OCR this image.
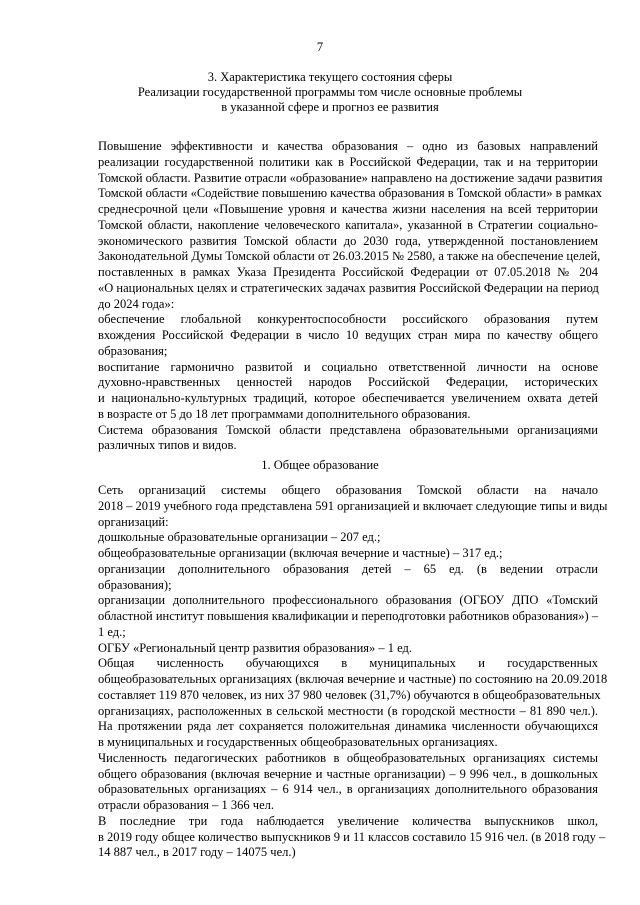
7
3. Характеристика текущего состояния сферы
Реализации государственной программы том числе основные проблемы
в указанной сфере и прогноз ее развития

Повышение эффективности и качества образования – одно из базовых направлений
реализации государственной политики как в Российской Федерации, так и на территории
Томской области. Развитие отрасли «образование» направлено на достижение задачи развития
Томской области «Содействие повышению качества образования в Томской области» в рамках
среднесрочной цели «Повышение уровня и качества жизни населения на всей территории
Томской области, накопление человеческого капитала», указанной в Стратегии социально-
экономического развития Томской области до 2030 года, утвержденной постановлением
Законодательной Думы Томской области от 26.03.2015 № 2580, а также на обеспечение целей,
поставленных в рамках Указа Президента Российской Федерации от 07.05.2018 № 204
«О национальных целях и стратегических задачах развития Российской Федерации на период
до 2024 года»:

обеспечение глобальной конкурентоспособности российского образования путем
вхождения Российской Федерации в число 10 ведущих стран мира по качеству общего
образования;

воспитание гармонично развитой и социально ответственной личности на основе
духовно-нравственных ценностей народов Российской Федерации, исторических
и национально-культурных традиций, которое обеспечивается увеличением охвата детей
в возрасте от 5 до 18 лет программами дополнительного образования.

Система образования Томской области представлена образовательными организациями
различных типов и видов.

1. Общее образование

Сеть организаций системы общего образования Томской области на начало
2018 – 2019 учебного года представлена 591 организацией и включает следующие типы и виды
организаций:

дошкольные образовательные организации – 207 ед.;

общеобразовательные организации (включая вечерние и частные) – 317 ед.;

организации дополнительного образования детей – 65 ед. (в ведении отрасли
образования);

организации дополнительного профессионального образования (ОГБОУ ДПО «Томский
областной институт повышения квалификации и переподготовки работников образования») –
1 ед.;

ОГБУ «Региональный центр развития образования» – 1 ед.

Общая численность обучающихся в муниципальных и государственных
общеобразовательных организациях (включая вечерние и частные) по состоянию на 20.09.2018
составляет 119 870 человек, из них 37 980 человек (31,7%) обучаются в общеобразовательных
организациях, расположенных в сельской местности (в городской местности – 81 890 чел.).
На протяжении ряда лет сохраняется положительная динамика численности обучающихся
в муниципальных и государственных общеобразовательных организациях.

Численность педагогических работников в общеобразовательных организациях системы
общего образования (включая вечерние и частные организации) – 9 996 чел., в дошкольных
образовательных организациях – 6 914 чел., в организациях дополнительного образования
отрасли образования – 1 366 чел.

В последние три года наблюдается увеличение количества выпускников школ,
в 2019 году общее количество выпускников 9 и 11 классов составило 15 916 чел. (в 2018 году –
14 887 чел., в 2017 году – 14075 чел.)
